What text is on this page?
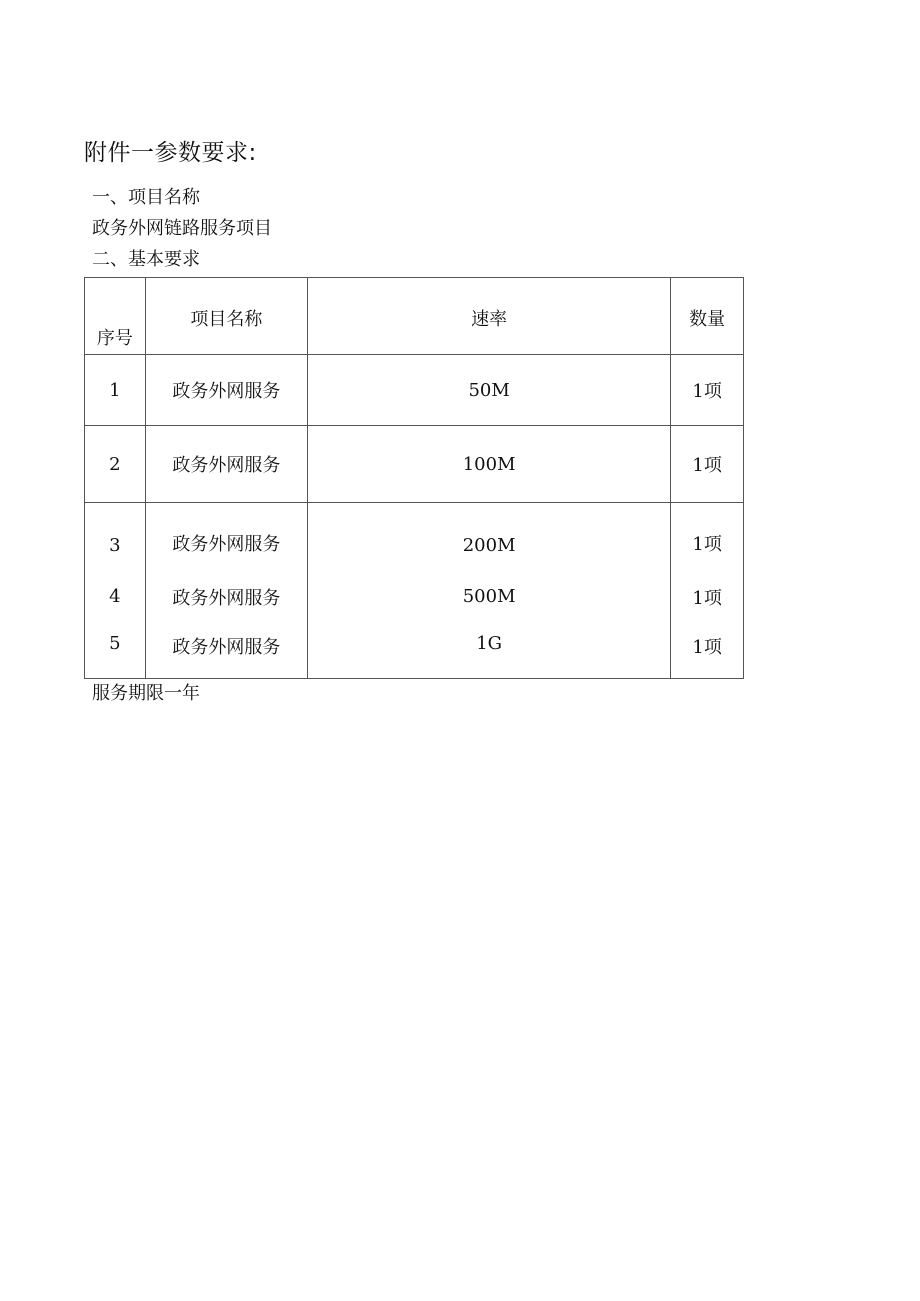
附件一参数要求:

一、项目名称

政务外网链路服务项目

二、基本要求

序号	项目名称	速率	数量
1	政务外网服务	50M	1项
2	政务外网服务	100M	1项
3	政务外网服务	200M	1项
4	政务外网服务	500M	1项
5	政务外网服务	1G	1项

服务期限一年
